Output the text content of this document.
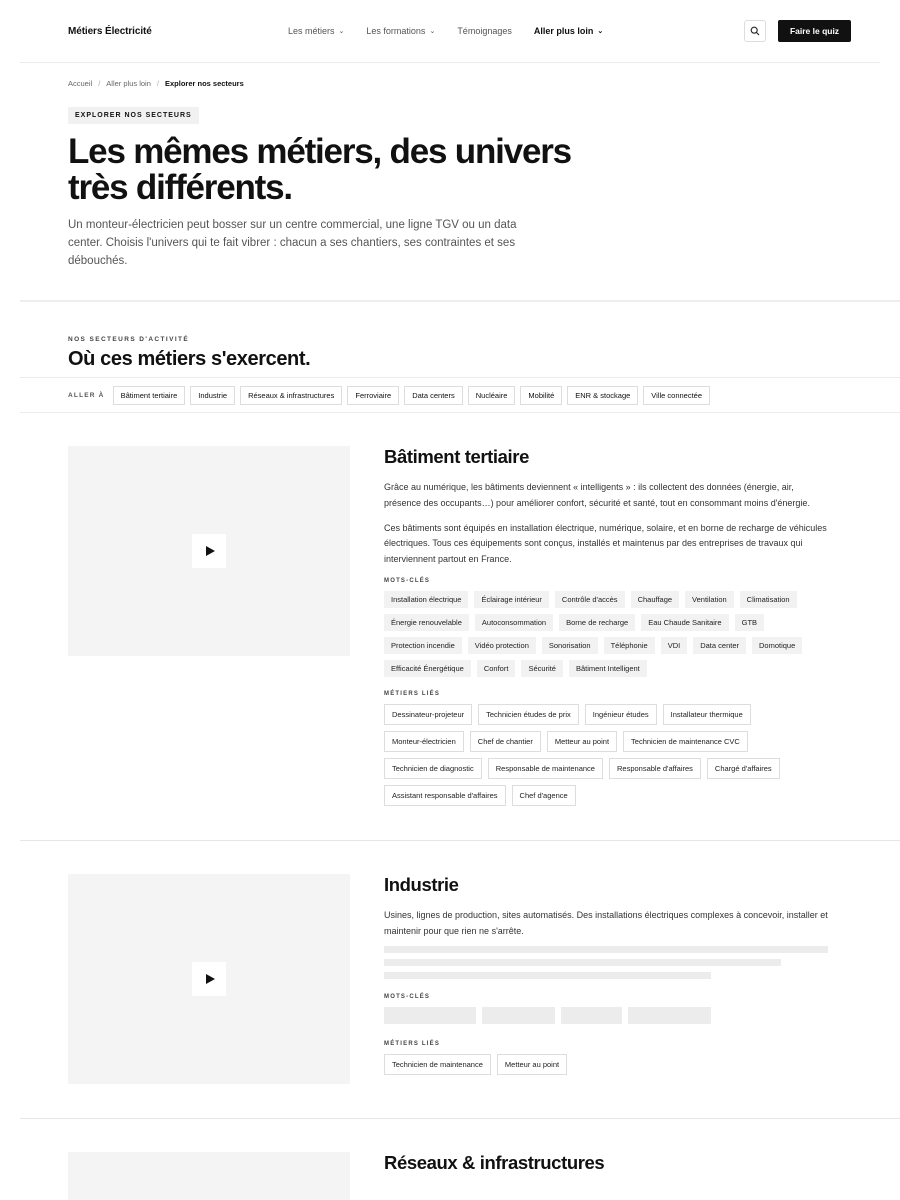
Métiers Électricité	Les métiers ⌄ Les formations ⌄ Témoignages Aller plus loin ⌄	Faire le quiz
Accueil / Aller plus loin / Explorer nos secteurs
EXPLORER NOS SECTEURS
Les mêmes métiers, des univers
très différents.

Un monteur-électricien peut bosser sur un centre commercial, une ligne TGV ou un data center. Choisis l'univers qui te fait vibrer : chacun a ses chantiers, ses contraintes et ses débouchés.

NOS SECTEURS D'ACTIVITÉ
Où ces métiers s'exercent.
ALLER À	Bâtiment tertiaire	Industrie	Réseaux & infrastructures	Ferroviaire	Data centers	Nucléaire	Mobilité	ENR & stockage	Ville connectée
Bâtiment tertiaire

Grâce au numérique, les bâtiments deviennent « intelligents » : ils collectent des données (énergie, air, présence des occupants…) pour améliorer confort, sécurité et santé, tout en consommant moins d'énergie.

Ces bâtiments sont équipés en installation électrique, numérique, solaire, et en borne de recharge de véhicules électriques. Tous ces équipements sont conçus, installés et maintenus par des entreprises de travaux qui interviennent partout en France.

MOTS-CLÉS
Installation électrique	Éclairage intérieur	Contrôle d'accès	Chauffage	Ventilation	Climatisation
Énergie renouvelable	Autoconsommation	Borne de recharge	Eau Chaude Sanitaire	GTB
Protection incendie	Vidéo protection	Sonorisation	Téléphonie	VDI	Data center	Domotique
Efficacité Énergétique	Confort	Sécurité	Bâtiment Intelligent
MÉTIERS LIÉS
Dessinateur-projeteur	Technicien études de prix	Ingénieur études	Installateur thermique
Monteur-électricien	Chef de chantier	Metteur au point	Technicien de maintenance CVC
Technicien de diagnostic	Responsable de maintenance	Responsable d'affaires	Chargé d'affaires
Assistant responsable d'affaires	Chef d'agence
Industrie

Usines, lignes de production, sites automatisés. Des installations électriques complexes à concevoir, installer et maintenir pour que rien ne s'arrête.

MOTS-CLÉS
MÉTIERS LIÉS
Technicien de maintenance	Metteur au point
Réseaux & infrastructures
